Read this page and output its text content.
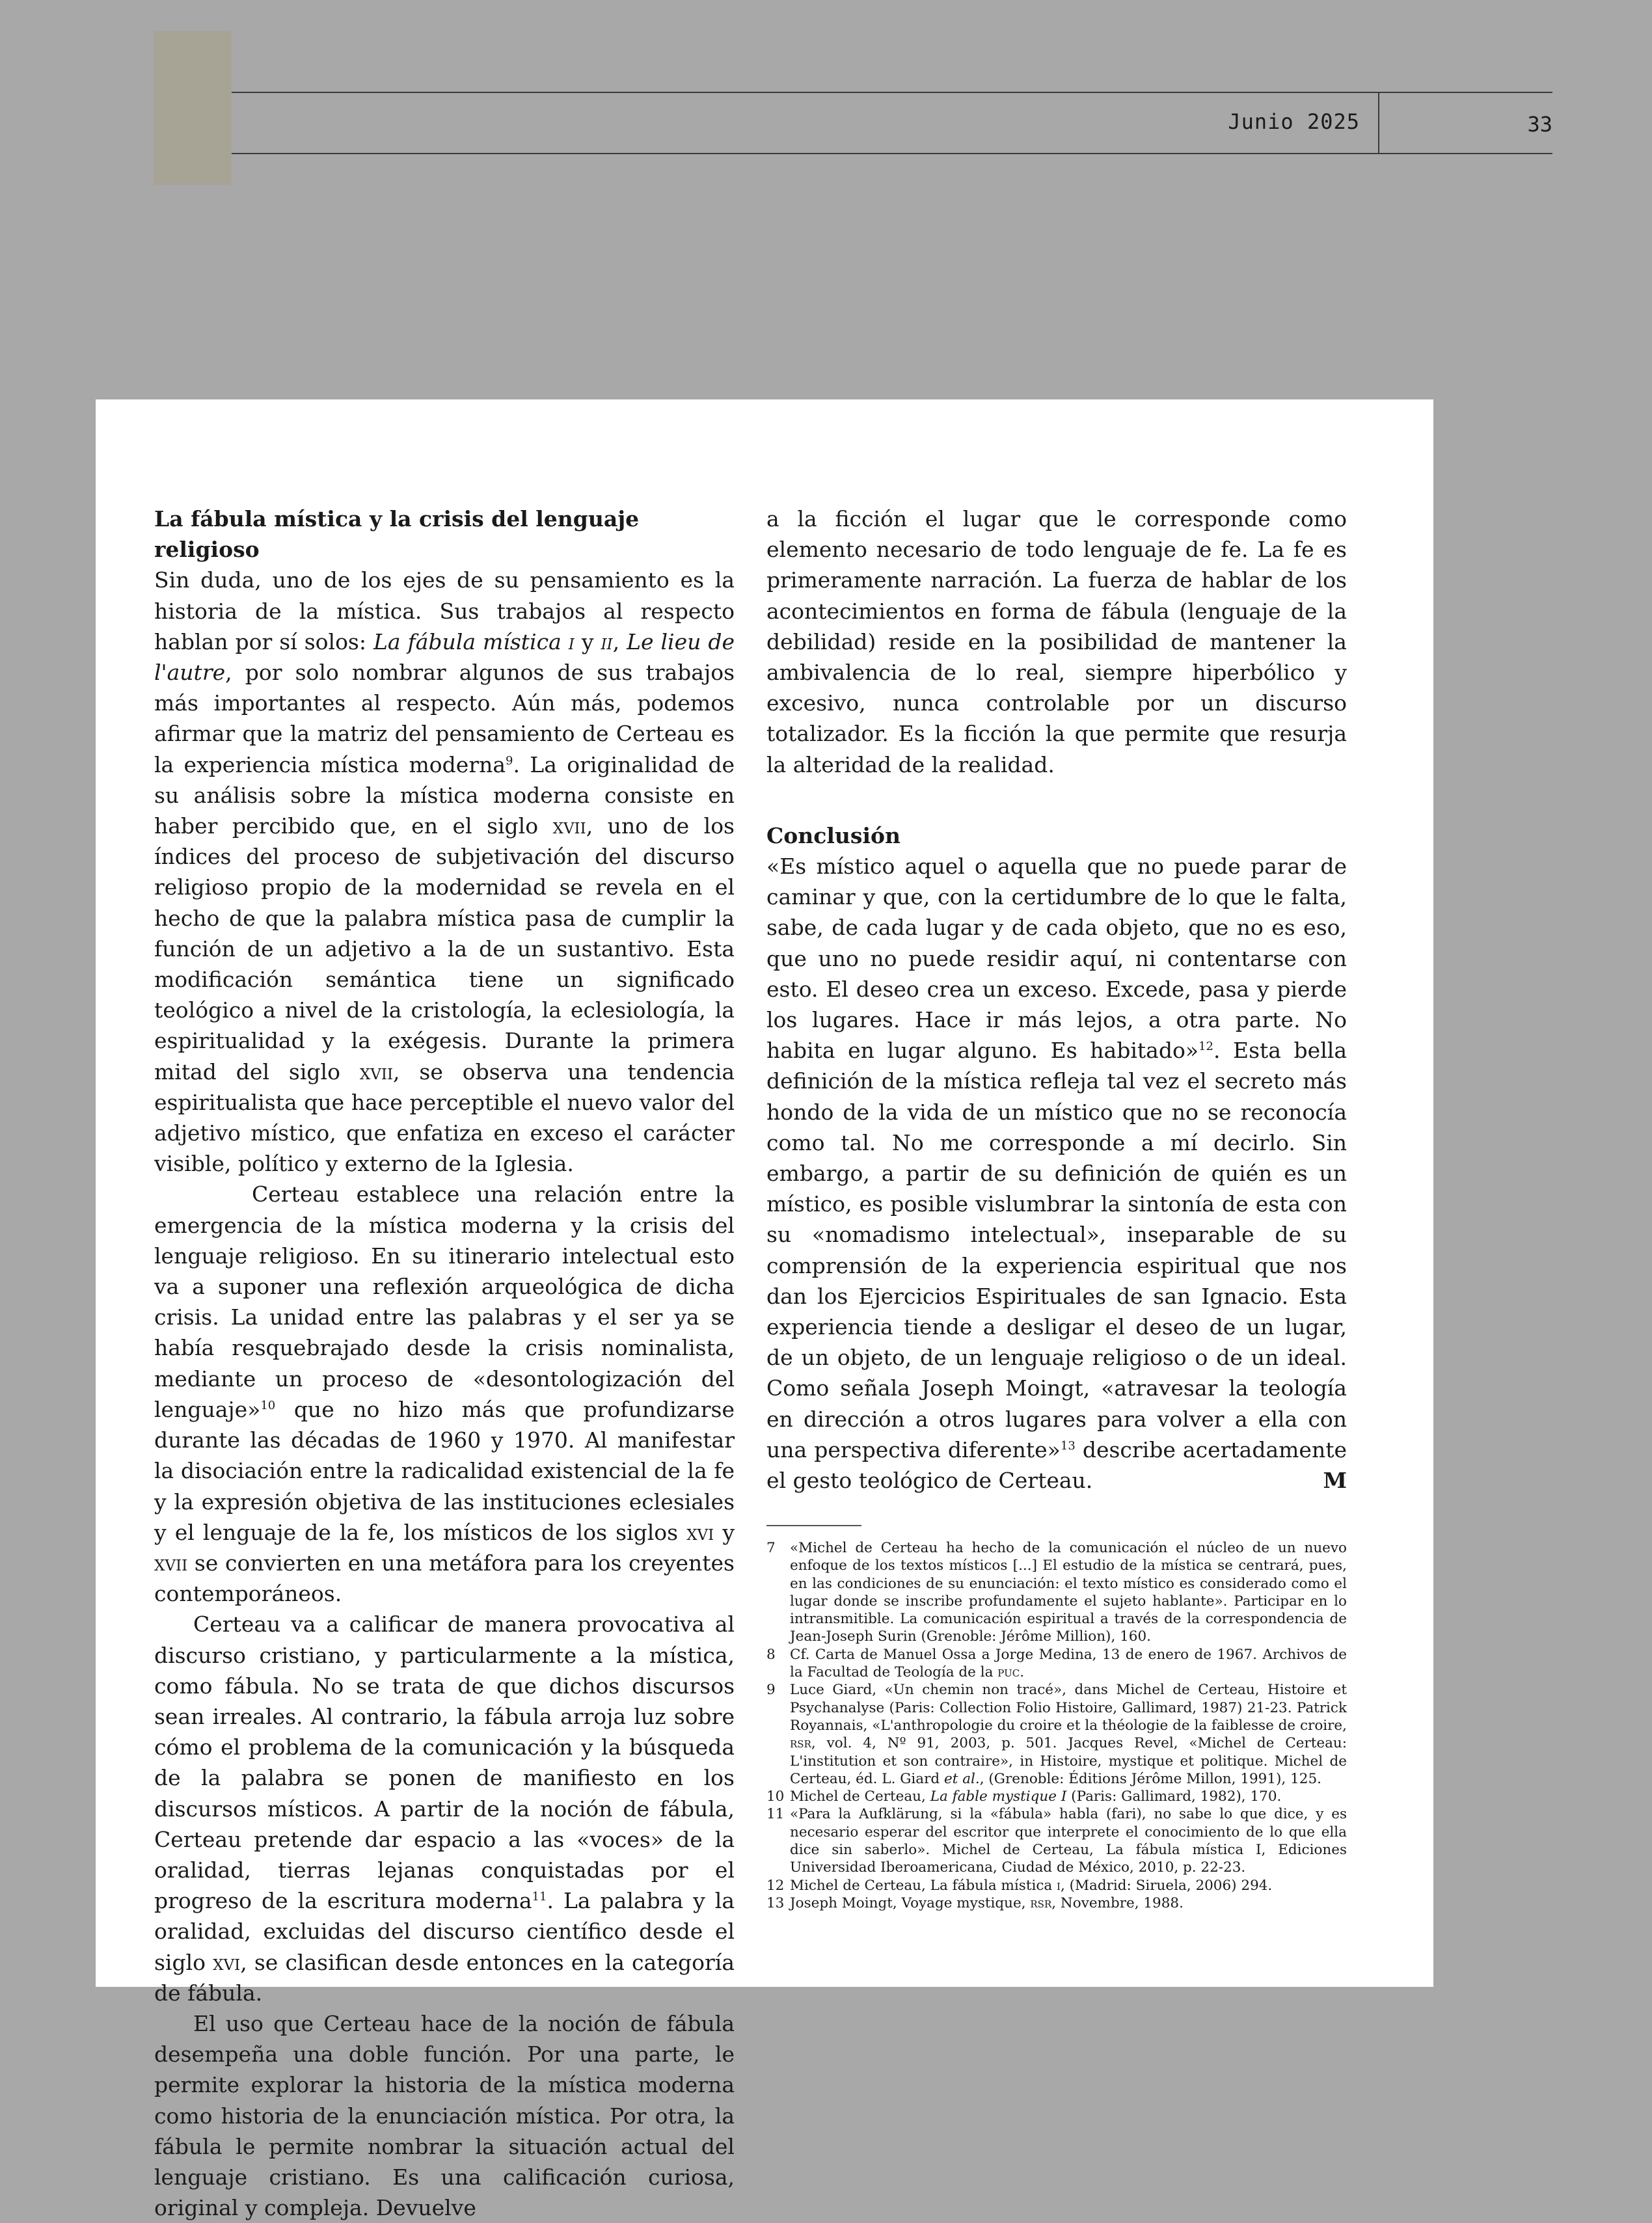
Junio 2025	33
La fábula mística y la crisis del lenguaje religioso

Sin duda, uno de los ejes de su pensamiento es la historia de la mística. Sus trabajos al respecto hablan por sí solos: La fábula mística i y ii, Le lieu de l'autre, por solo nombrar algunos de sus trabajos más importantes al respecto. Aún más, podemos afirmar que la matriz del pensamiento de Certeau es la experiencia mística moderna$^9$. La originalidad de su análisis sobre la mística moderna consiste en haber percibido que, en el siglo xvii, uno de los índices del proceso de subjetivación del discurso religioso propio de la modernidad se revela en el hecho de que la palabra mística pasa de cumplir la función de un adjetivo a la de un sustantivo. Esta modificación semántica tiene un significado teológico a nivel de la cristología, la eclesiología, la espiritualidad y la exégesis. Durante la primera mitad del siglo xvii, se observa una tendencia espiritualista que hace perceptible el nuevo valor del adjetivo místico, que enfatiza en exceso el carácter visible, político y externo de la Iglesia.

Certeau establece una relación entre la emergencia de la mística moderna y la crisis del lenguaje religioso. En su itinerario intelectual esto va a suponer una reflexión arqueológica de dicha crisis. La unidad entre las palabras y el ser ya se había resquebrajado desde la crisis nominalista, mediante un proceso de «desontologización del lenguaje»$^{10}$ que no hizo más que profundizarse durante las décadas de 1960 y 1970. Al manifestar la disociación entre la radicalidad existencial de la fe y la expresión objetiva de las instituciones eclesiales y el lenguaje de la fe, los místicos de los siglos xvi y xvii se convierten en una metáfora para los creyentes contemporáneos.

Certeau va a calificar de manera provocativa al discurso cristiano, y particularmente a la mística, como fábula. No se trata de que dichos discursos sean irreales. Al contrario, la fábula arroja luz sobre cómo el problema de la comunicación y la búsqueda de la palabra se ponen de manifiesto en los discursos místicos. A partir de la noción de fábula, Certeau pretende dar espacio a las «voces» de la oralidad, tierras lejanas conquistadas por el progreso de la escritura moderna$^{11}$. La palabra y la oralidad, excluidas del discurso científico desde el siglo xvi, se clasifican desde entonces en la categoría de fábula.

El uso que Certeau hace de la noción de fábula desempeña una doble función. Por una parte, le permite explorar la historia de la mística moderna como historia de la enunciación mística. Por otra, la fábula le permite nombrar la situación actual del lenguaje cristiano. Es una calificación curiosa, original y compleja. Devuelve

a la ficción el lugar que le corresponde como elemento necesario de todo lenguaje de fe. La fe es primeramente narración. La fuerza de hablar de los acontecimientos en forma de fábula (lenguaje de la debilidad) reside en la posibilidad de mantener la ambivalencia de lo real, siempre hiperbólico y excesivo, nunca controlable por un discurso totalizador. Es la ficción la que permite que resurja la alteridad de la realidad.

Conclusión

«Es místico aquel o aquella que no puede parar de caminar y que, con la certidumbre de lo que le falta, sabe, de cada lugar y de cada objeto, que no es eso, que uno no puede residir aquí, ni contentarse con esto. El deseo crea un exceso. Excede, pasa y pierde los lugares. Hace ir más lejos, a otra parte. No habita en lugar alguno. Es habitado»$^{12}$. Esta bella definición de la mística refleja tal vez el secreto más hondo de la vida de un místico que no se reconocía como tal. No me corresponde a mí decirlo. Sin embargo, a partir de su definición de quién es un místico, es posible vislumbrar la sintonía de esta con su «nomadismo intelectual», inseparable de su comprensión de la experiencia espiritual que nos dan los Ejercicios Espirituales de san Ignacio. Esta experiencia tiende a desligar el deseo de un lugar, de un objeto, de un lenguaje religioso o de un ideal. Como señala Joseph Moingt, «atravesar la teología en dirección a otros lugares para volver a ella con una perspectiva diferente»$^{13}$ describe acertadamente el gesto teológico de Certeau.	M

7	«Michel de Certeau ha hecho de la comunicación el núcleo de un nuevo enfoque de los textos místicos [...] El estudio de la mística se centrará, pues, en las condiciones de su enunciación: el texto místico es considerado como el lugar donde se inscribe profundamente el sujeto hablante». Participar en lo intransmitible. La comunicación espiritual a través de la correspondencia de Jean-Joseph Surin (Grenoble: Jérôme Million), 160.
8	Cf. Carta de Manuel Ossa a Jorge Medina, 13 de enero de 1967. Archivos de la Facultad de Teología de la puc.
9	Luce Giard, «Un chemin non tracé», dans Michel de Certeau, Histoire et Psychanalyse (Paris: Collection Folio Histoire, Gallimard, 1987) 21-23. Patrick Royannais, «L'anthropologie du croire et la théologie de la faiblesse de croire, rsr, vol. 4, Nº 91, 2003, p. 501. Jacques Revel, «Michel de Certeau: L'institution et son contraire», in Histoire, mystique et politique. Michel de Certeau, éd. L. Giard et al., (Grenoble: Éditions Jérôme Millon, 1991), 125.
10 Michel de Certeau, La fable mystique I (Paris: Gallimard, 1982), 170.
11 «Para la Aufklärung, si la «fábula» habla (fari), no sabe lo que dice, y es necesario esperar del escritor que interprete el conocimiento de lo que ella dice sin saberlo». Michel de Certeau, La fábula mística I, Ediciones Universidad Iberoamericana, Ciudad de México, 2010, p. 22-23.
12 Michel de Certeau, La fábula mística i, (Madrid: Siruela, 2006) 294.
13 Joseph Moingt, Voyage mystique, rsr, Novembre, 1988.
